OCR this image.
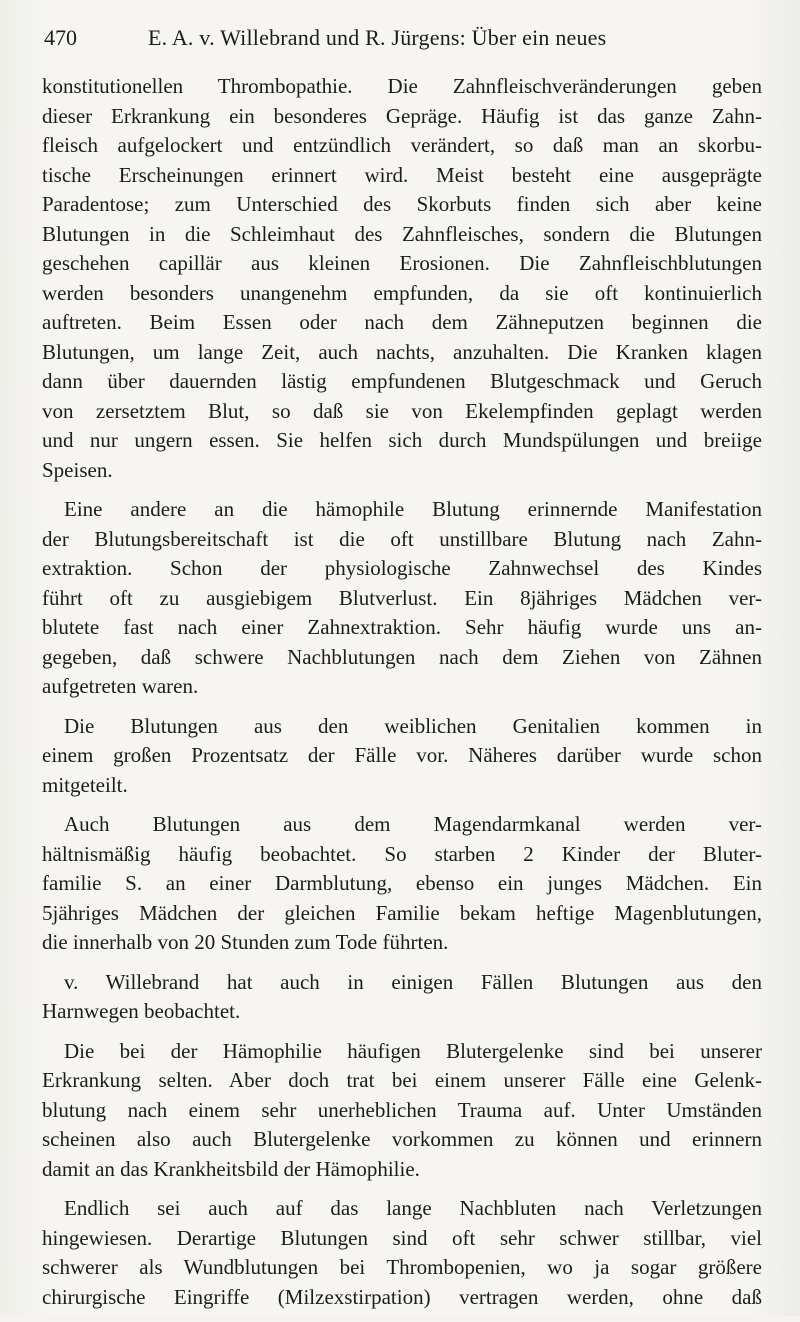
470	E. A. v. Willebrand und R. Jürgens: Über ein neues
konstitutionellen Thrombopathie. Die Zahnfleischveränderungen geben
dieser Erkrankung ein besonderes Gepräge. Häufig ist das ganze Zahn-
fleisch aufgelockert und entzündlich verändert, so daß man an skorbu-
tische Erscheinungen erinnert wird. Meist besteht eine ausgeprägte
Paradentose; zum Unterschied des Skorbuts finden sich aber keine
Blutungen in die Schleimhaut des Zahnfleisches, sondern die Blutungen
geschehen capillär aus kleinen Erosionen. Die Zahnfleischblutungen
werden besonders unangenehm empfunden, da sie oft kontinuierlich
auftreten. Beim Essen oder nach dem Zähneputzen beginnen die
Blutungen, um lange Zeit, auch nachts, anzuhalten. Die Kranken klagen
dann über dauernden lästig empfundenen Blutgeschmack und Geruch
von zersetztem Blut, so daß sie von Ekelempfinden geplagt werden
und nur ungern essen. Sie helfen sich durch Mundspülungen und breiige
Speisen.
Eine andere an die hämophile Blutung erinnernde Manifestation
der Blutungsbereitschaft ist die oft unstillbare Blutung nach Zahn-
extraktion. Schon der physiologische Zahnwechsel des Kindes
führt oft zu ausgiebigem Blutverlust. Ein 8jähriges Mädchen ver-
blutete fast nach einer Zahnextraktion. Sehr häufig wurde uns an-
gegeben, daß schwere Nachblutungen nach dem Ziehen von Zähnen
aufgetreten waren.
Die Blutungen aus den weiblichen Genitalien kommen in
einem großen Prozentsatz der Fälle vor. Näheres darüber wurde schon
mitgeteilt.
Auch Blutungen aus dem Magendarmkanal werden ver-
hältnismäßig häufig beobachtet. So starben 2 Kinder der Bluter-
familie S. an einer Darmblutung, ebenso ein junges Mädchen. Ein
5jähriges Mädchen der gleichen Familie bekam heftige Magenblutungen,
die innerhalb von 20 Stunden zum Tode führten.
v. Willebrand hat auch in einigen Fällen Blutungen aus den
Harnwegen beobachtet.
Die bei der Hämophilie häufigen Blutergelenke sind bei unserer
Erkrankung selten. Aber doch trat bei einem unserer Fälle eine Gelenk-
blutung nach einem sehr unerheblichen Trauma auf. Unter Umständen
scheinen also auch Blutergelenke vorkommen zu können und erinnern
damit an das Krankheitsbild der Hämophilie.
Endlich sei auch auf das lange Nachbluten nach Verletzungen
hingewiesen. Derartige Blutungen sind oft sehr schwer stillbar, viel
schwerer als Wundblutungen bei Thrombopenien, wo ja sogar größere
chirurgische Eingriffe (Milzexstirpation) vertragen werden, ohne daß
